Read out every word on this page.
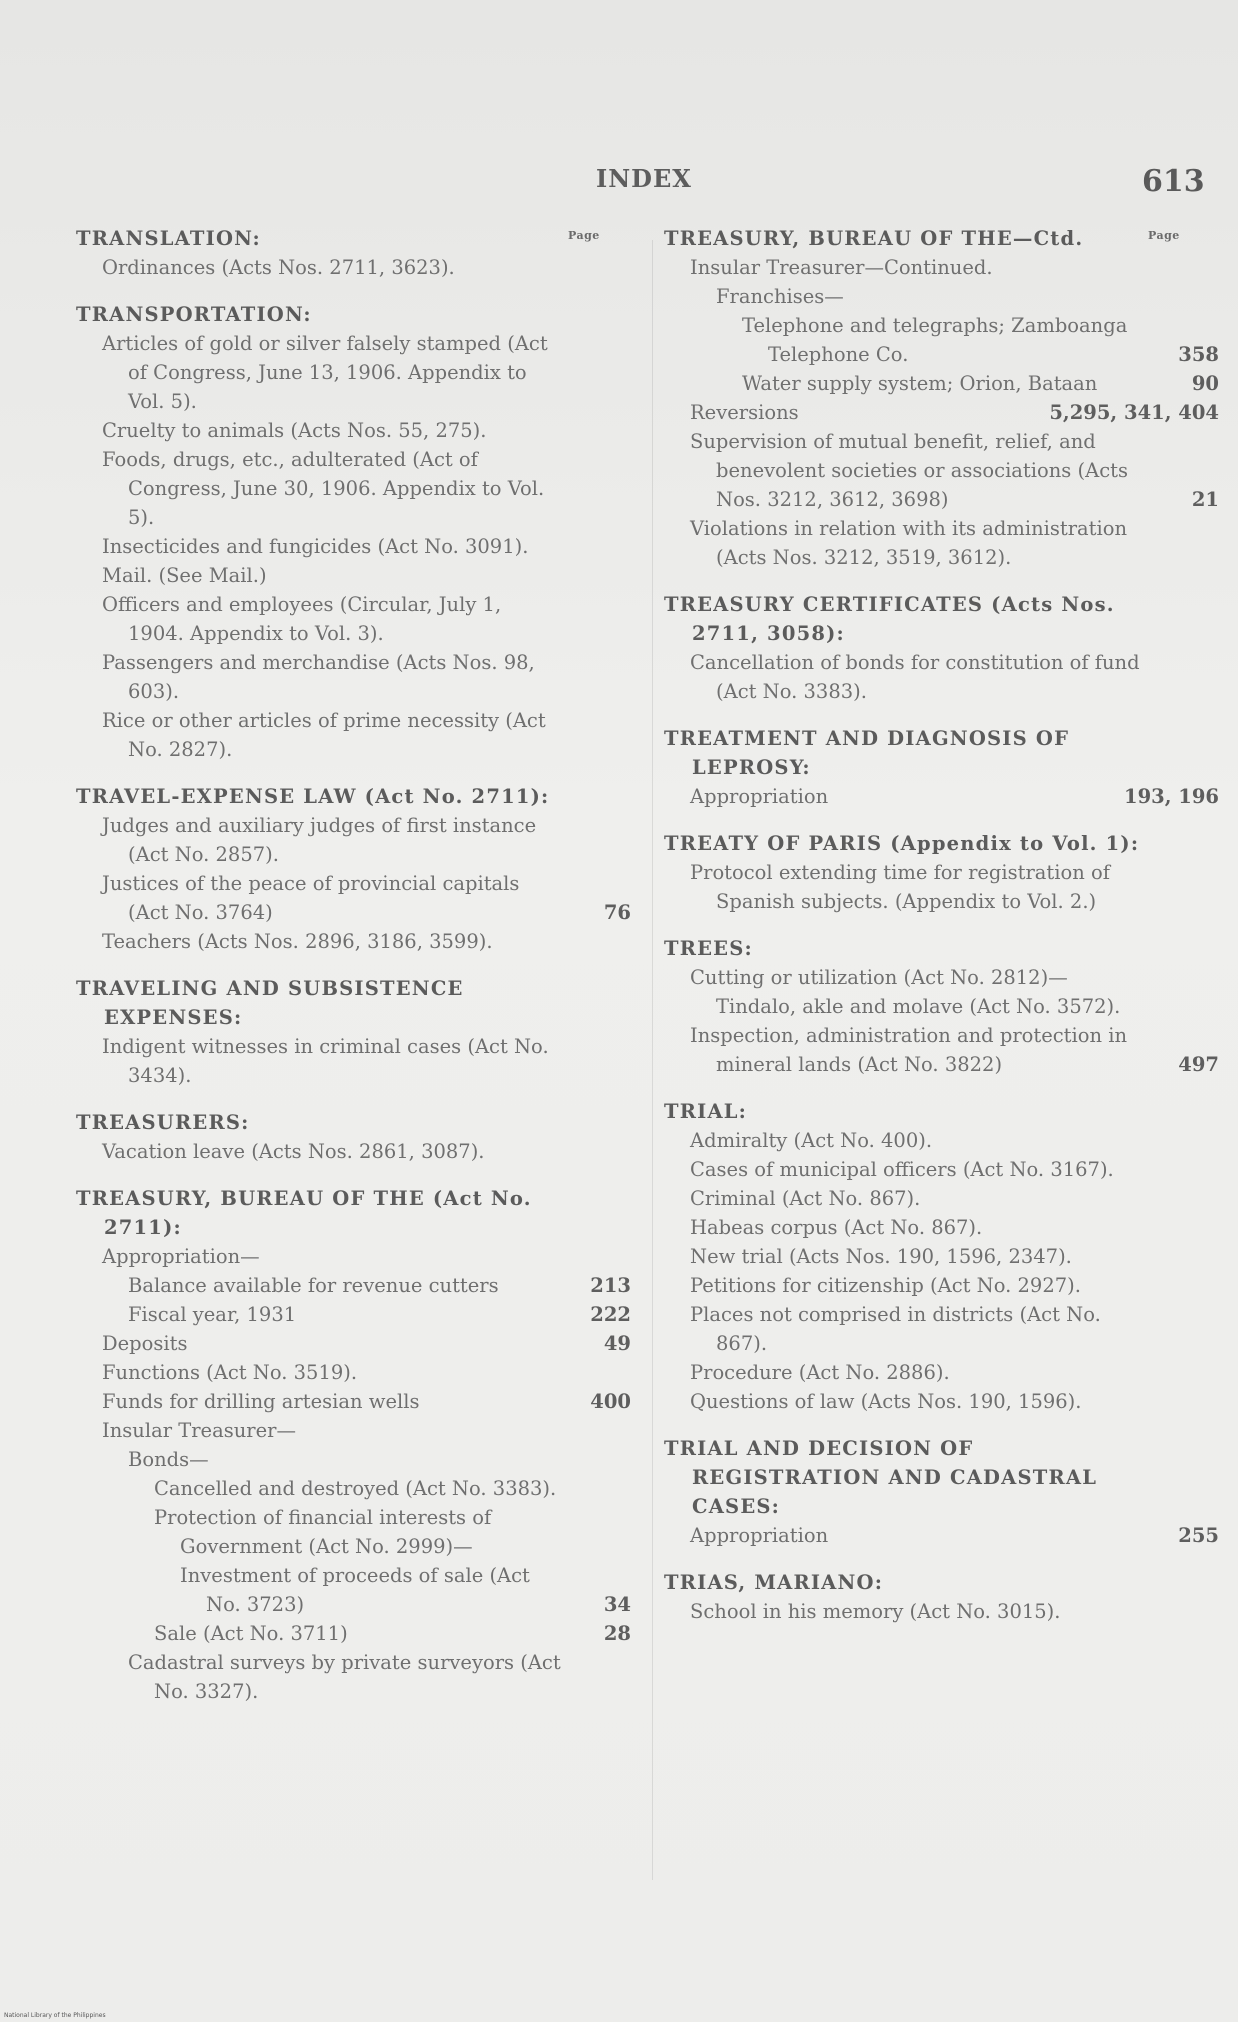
INDEX	613
Page
TRANSLATION:
Ordinances (Acts Nos. 2711, 3623).
TRANSPORTATION:
Articles of gold or silver falsely stamped (Act of Congress, June 13, 1906. Appendix to Vol. 5).
Cruelty to animals (Acts Nos. 55, 275).
Foods, drugs, etc., adulterated (Act of Congress, June 30, 1906. Appendix to Vol. 5).
Insecticides and fungicides (Act No. 3091).
Mail. (See Mail.)
Officers and employees (Circular, July 1, 1904. Appendix to Vol. 3).
Passengers and merchandise (Acts Nos. 98, 603).
Rice or other articles of prime necessity (Act No. 2827).
TRAVEL-EXPENSE LAW (Act No. 2711):
Judges and auxiliary judges of first instance (Act No. 2857).
Justices of the peace of provincial capitals (Act No. 3764)	76
Teachers (Acts Nos. 2896, 3186, 3599).
TRAVELING AND SUBSISTENCE EXPENSES:
Indigent witnesses in criminal cases (Act No. 3434).
TREASURERS:
Vacation leave (Acts Nos. 2861, 3087).
TREASURY, BUREAU OF THE (Act No. 2711):
Appropriation—
Balance available for revenue cutters	213
Fiscal year, 1931	222
Deposits	49
Functions (Act No. 3519).
Funds for drilling artesian wells	400
Insular Treasurer—
Bonds—
Cancelled and destroyed (Act No. 3383).
Protection of financial interests of Government (Act No. 2999)—
Investment of proceeds of sale (Act No. 3723)	34
Sale (Act No. 3711)	28
Cadastral surveys by private surveyors (Act No. 3327).
Page
TREASURY, BUREAU OF THE—Ctd.
Insular Treasurer—Continued.
Franchises—
Telephone and telegraphs; Zamboanga Telephone Co.	358
Water supply system; Orion, Bataan	90
Reversions	5,295, 341, 404
Supervision of mutual benefit, relief, and benevolent societies or associations (Acts Nos. 3212, 3612, 3698)	21
Violations in relation with its administration (Acts Nos. 3212, 3519, 3612).
TREASURY CERTIFICATES (Acts Nos. 2711, 3058):
Cancellation of bonds for constitution of fund (Act No. 3383).
TREATMENT AND DIAGNOSIS OF LEPROSY:
Appropriation	193, 196
TREATY OF PARIS (Appendix to Vol. 1):
Protocol extending time for registration of Spanish subjects. (Appendix to Vol. 2.)
TREES:
Cutting or utilization (Act No. 2812)—
Tindalo, akle and molave (Act No. 3572).
Inspection, administration and protection in mineral lands (Act No. 3822)	497
TRIAL:
Admiralty (Act No. 400).
Cases of municipal officers (Act No. 3167).
Criminal (Act No. 867).
Habeas corpus (Act No. 867).
New trial (Acts Nos. 190, 1596, 2347).
Petitions for citizenship (Act No. 2927).
Places not comprised in districts (Act No. 867).
Procedure (Act No. 2886).
Questions of law (Acts Nos. 190, 1596).
TRIAL AND DECISION OF REGISTRATION AND CADASTRAL CASES:
Appropriation	255
TRIAS, MARIANO:
School in his memory (Act No. 3015).
National Library of the Philippines
